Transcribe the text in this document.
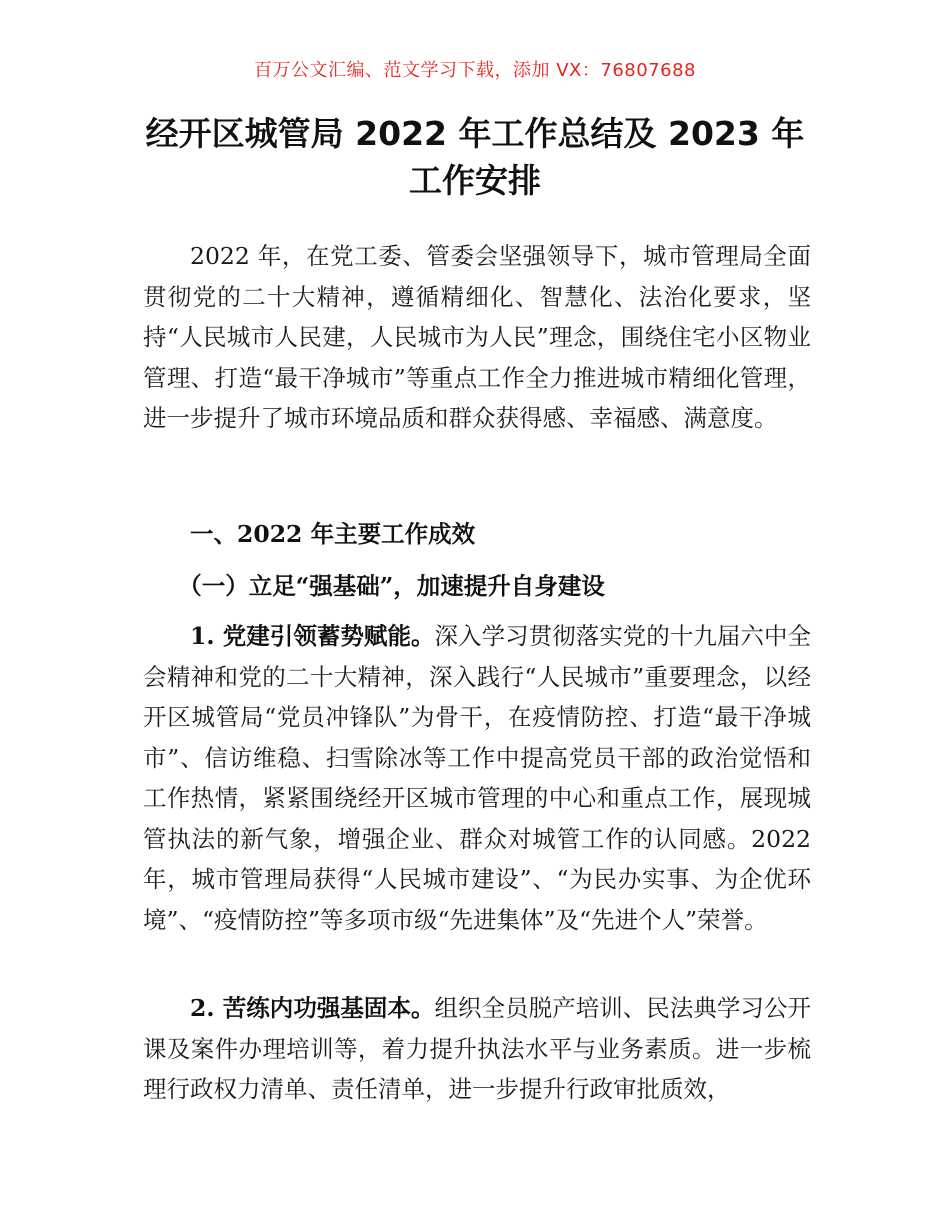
百万公文汇编、范文学习下载，添加 VX：76807688
经开区城管局 2022 年工作总结及 2023 年
工作安排

2022 年，在党工委、管委会坚强领导下，城市管理局全面贯彻党的二十大精神，遵循精细化、智慧化、法治化要求，坚持“人民城市人民建，人民城市为人民”理念，围绕住宅小区物业管理、打造“最干净城市”等重点工作全力推进城市精细化管理，进一步提升了城市环境品质和群众获得感、幸福感、满意度。

一、2022 年主要工作成效

（一）立足“强基础”，加速提升自身建设

1. 党建引领蓄势赋能。深入学习贯彻落实党的十九届六中全会精神和党的二十大精神，深入践行“人民城市”重要理念，以经开区城管局“党员冲锋队”为骨干，在疫情防控、打造“最干净城市”、信访维稳、扫雪除冰等工作中提高党员干部的政治觉悟和工作热情，紧紧围绕经开区城市管理的中心和重点工作，展现城管执法的新气象，增强企业、群众对城管工作的认同感。2022 年，城市管理局获得“人民城市建设”、“为民办实事、为企优环境”、“疫情防控”等多项市级“先进集体”及“先进个人”荣誉。

2. 苦练内功强基固本。组织全员脱产培训、民法典学习公开课及案件办理培训等，着力提升执法水平与业务素质。进一步梳理行政权力清单、责任清单，进一步提升行政审批质效，
